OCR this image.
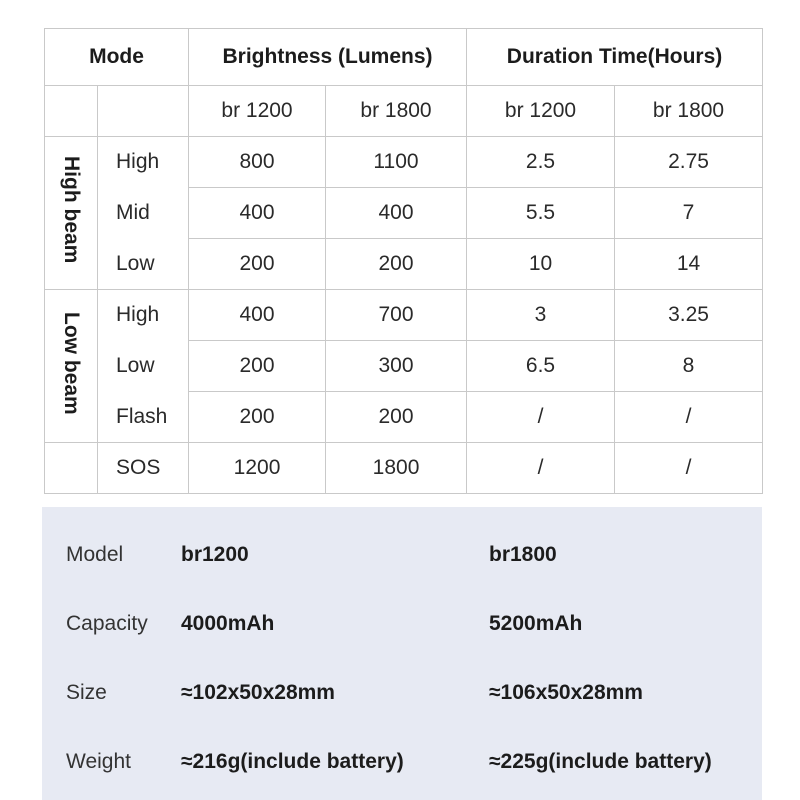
Mode		Brightness (Lumens)		Duration Time(Hours)	
		br 1200	br 1800	br 1200	br 1800
High beam	High	800	1100	2.5	2.75
	Mid	400	400	5.5	7
	Low	200	200	10	14
Low beam	High	400	700	3	3.25
	Low	200	300	6.5	8
	Flash	200	200	/	/
	SOS	1200	1800	/	/
Model	br1200	br1800
Capacity 4000mAh	5200mAh
Size	≈102x50x28mm	≈106x50x28mm
Weight ≈216g(include battery)	≈225g(include battery)
